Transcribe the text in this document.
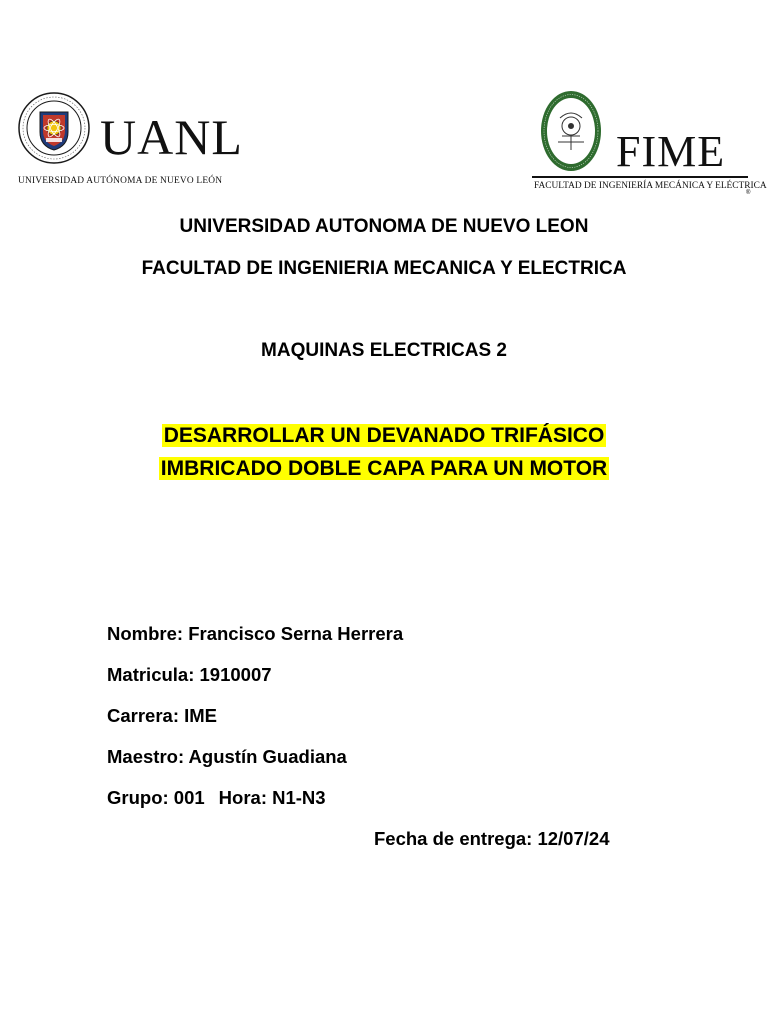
UANL
UNIVERSIDAD AUTÓNOMA DE NUEVO LEÓN
FIME
FACULTAD DE INGENIERÍA MECÁNICA Y ELÉCTRICA
®
UNIVERSIDAD AUTONOMA DE NUEVO LEON
FACULTAD DE INGENIERIA MECANICA Y ELECTRICA
MAQUINAS ELECTRICAS 2
DESARROLLAR UN DEVANADO TRIFÁSICO
IMBRICADO DOBLE CAPA PARA UN MOTOR
Nombre: Francisco Serna Herrera
Matricula: 1910007
Carrera: IME
Maestro: Agustín Guadiana
Grupo: 001 Hora: N1-N3
Fecha de entrega: 12/07/24
